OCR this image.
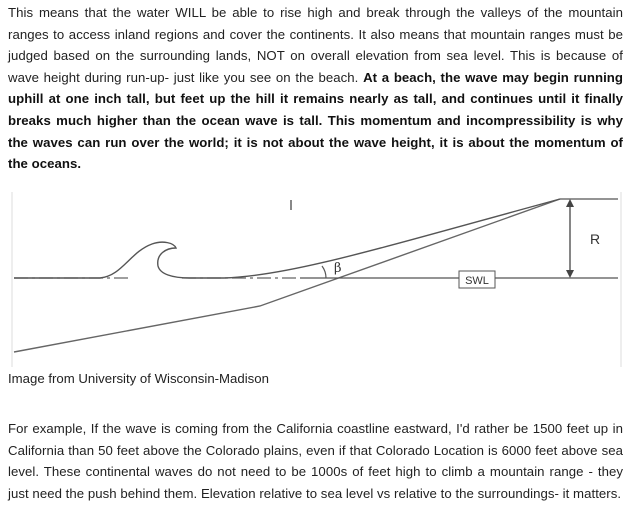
This means that the water WILL be able to rise high and break through the valleys of the mountain ranges to access inland regions and cover the continents. It also means that mountain ranges must be judged based on the surrounding lands, NOT on overall elevation from sea level. This is because of wave height during run-up- just like you see on the beach. At a beach, the wave may begin running uphill at one inch tall, but feet up the hill it remains nearly as tall, and continues until it finally breaks much higher than the ocean wave is tall. This momentum and incompressibility is why the waves can run over the world; it is not about the wave height, it is about the momentum of the oceans.

β
SWL
R

Image from University of Wisconsin-Madison

For example, If the wave is coming from the California coastline eastward, I'd rather be 1500 feet up in California than 50 feet above the Colorado plains, even if that Colorado Location is 6000 feet above sea level. These continental waves do not need to be 1000s of feet high to climb a mountain range - they just need the push behind them. Elevation relative to sea level vs relative to the surroundings- it matters.
